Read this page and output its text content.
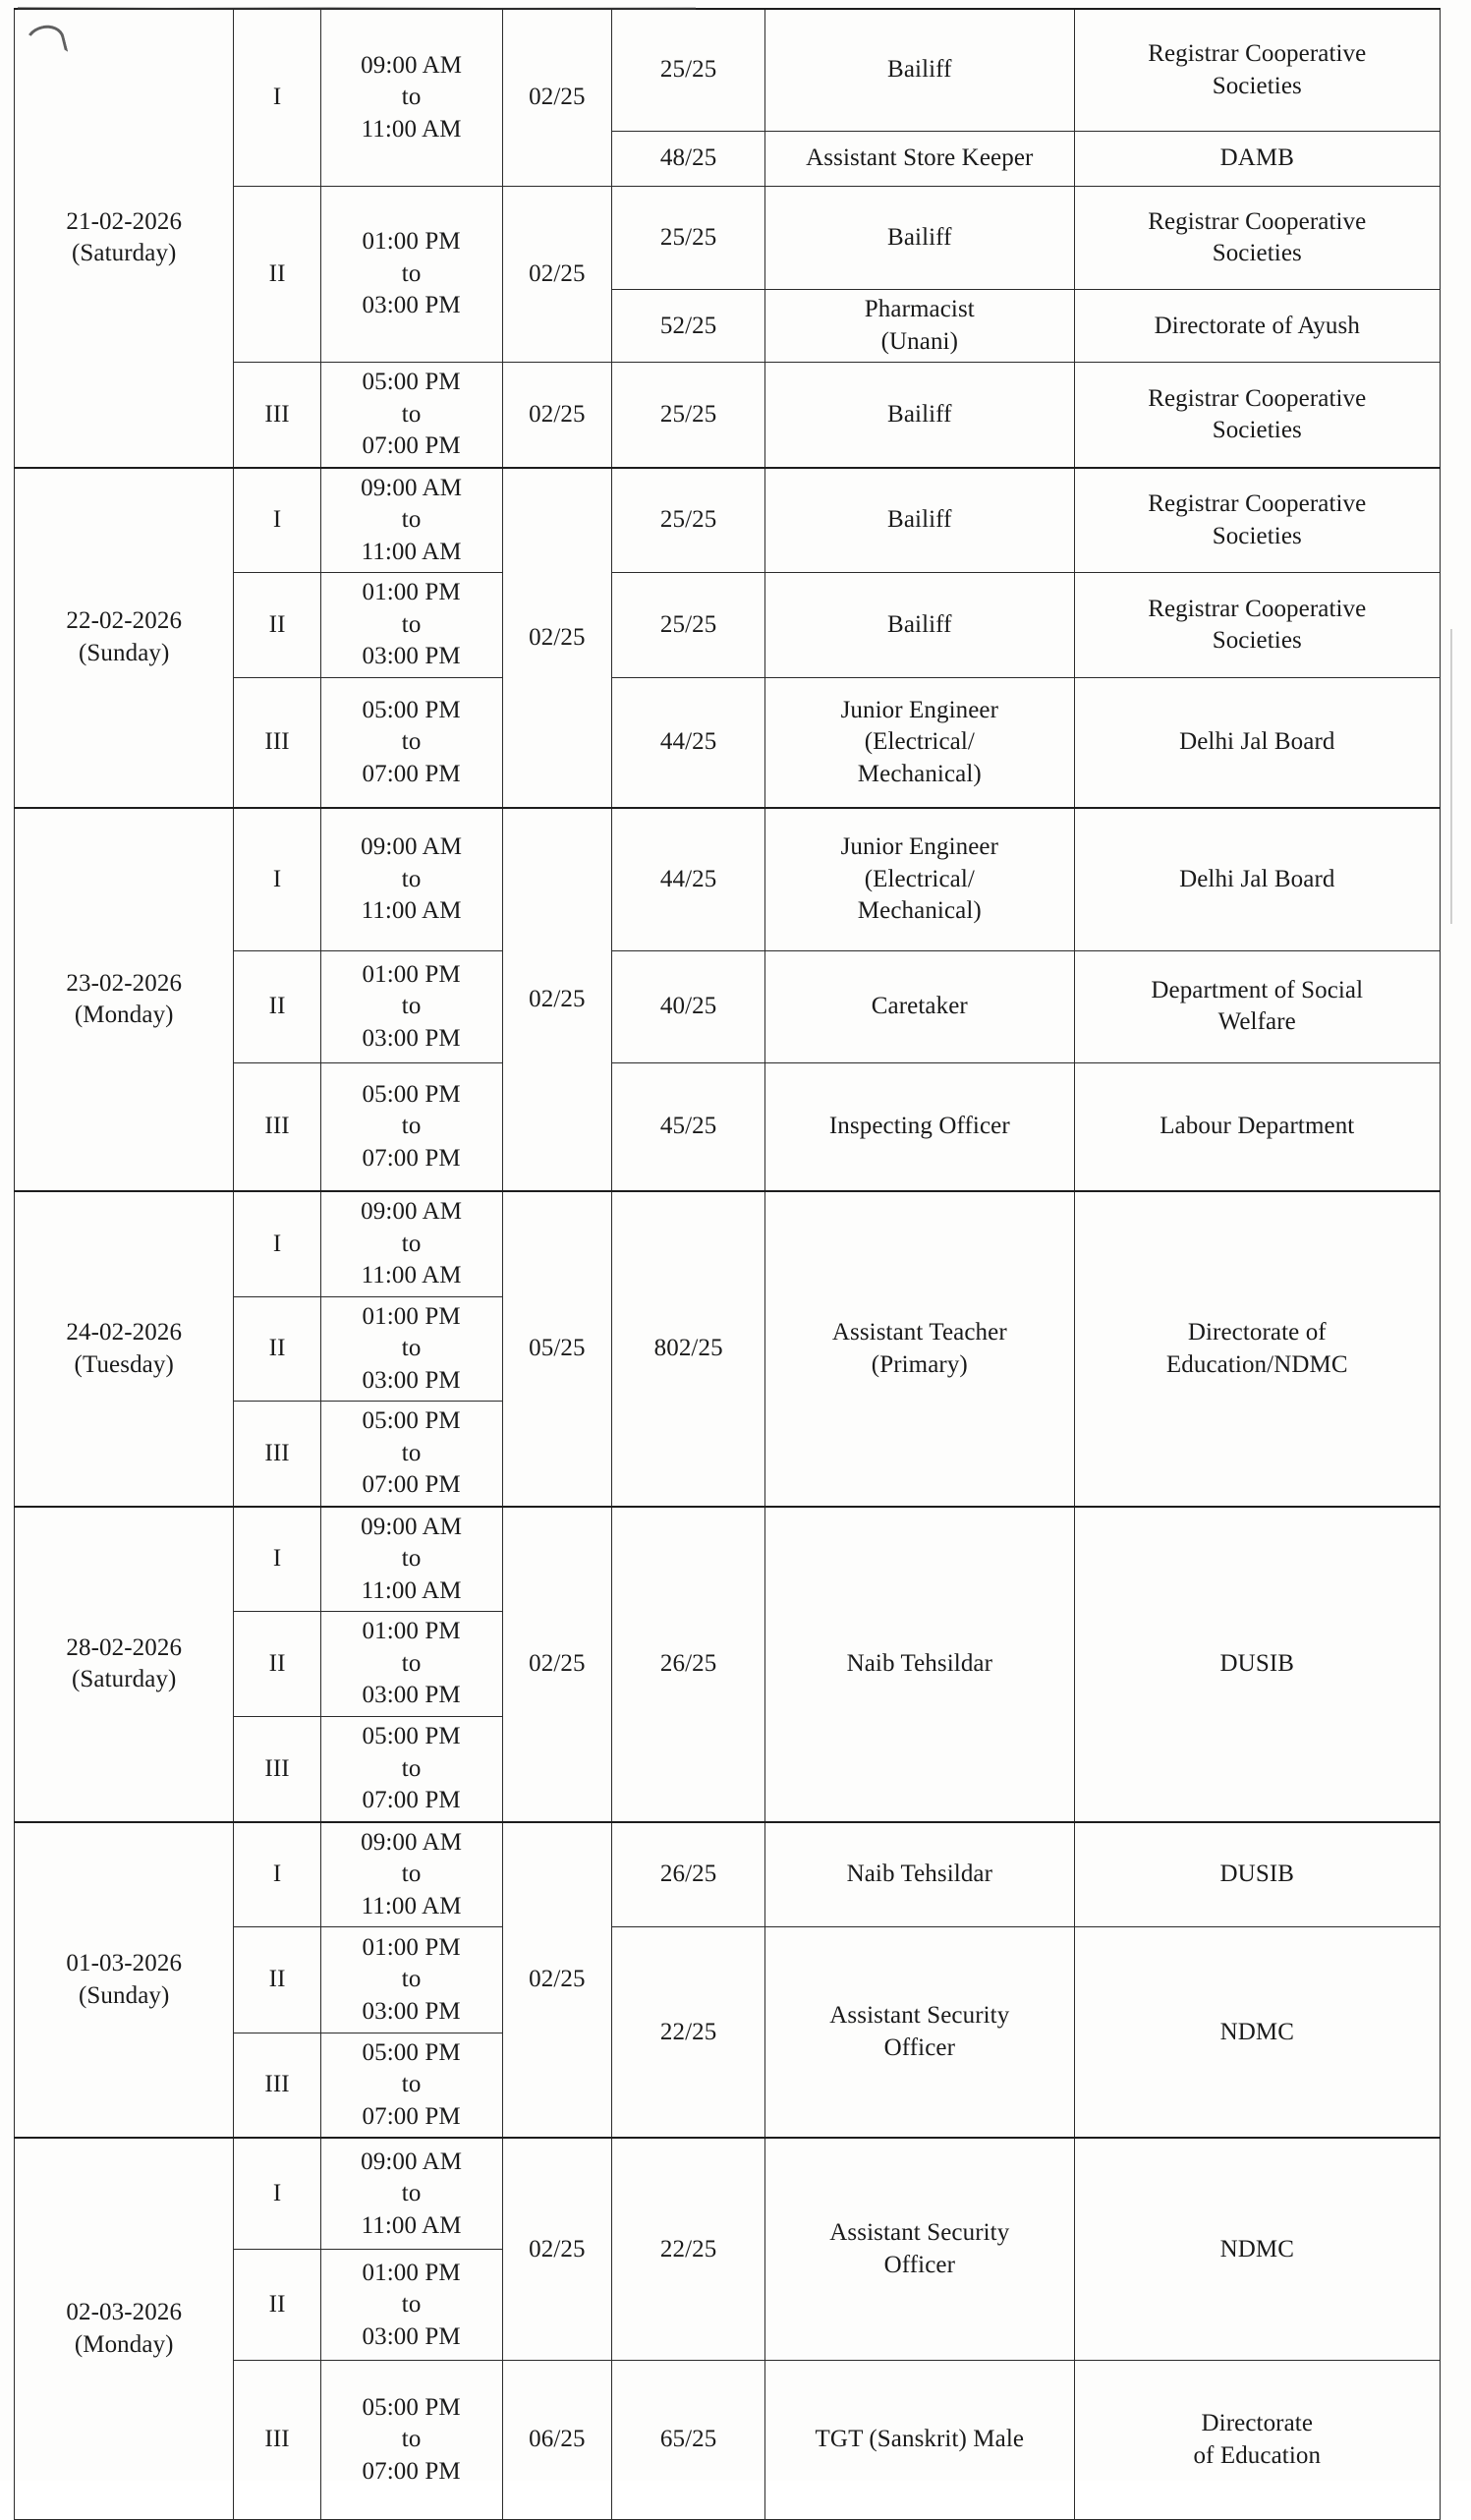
21-02-2026
(Saturday)	I	09:00 AM
to
11:00 AM	02/25	25/25	Bailiff	Registrar Cooperative
Societies

				48/25	Assistant Store Keeper	DAMB
	II	01:00 PM
to
03:00 PM	02/25	25/25	Bailiff	Registrar Cooperative
Societies

				52/25	Pharmacist
(Unani)	Directorate of Ayush
	III	05:00 PM
to
07:00 PM	02/25	25/25	Bailiff	Registrar Cooperative
Societies

22-02-2026
(Sunday)	I	09:00 AM
to
11:00 AM	02/25	25/25	Bailiff	Registrar Cooperative
Societies

	II	01:00 PM
to
03:00 PM		25/25	Bailiff	Registrar Cooperative
Societies

	III	05:00 PM
to
07:00 PM		44/25	Junior Engineer
(Electrical/
Mechanical)	Delhi Jal Board

23-02-2026
(Monday)	I	09:00 AM
to
11:00 AM	02/25	44/25	Junior Engineer
(Electrical/
Mechanical)	Delhi Jal Board
	II	01:00 PM
to
03:00 PM		40/25	Caretaker	Department of Social
Welfare

	III	05:00 PM
to
07:00 PM		45/25	Inspecting Officer	Labour Department

24-02-2026
(Tuesday)	I	09:00 AM
to
11:00 AM	05/25	802/25	Assistant Teacher
(Primary)	Directorate of
Education/NDMC

	II	01:00 PM
to
03:00 PM				

	III	05:00 PM
to
07:00 PM				

28-02-2026
(Saturday)	I	09:00 AM
to
11:00 AM	02/25	26/25	Naib Tehsildar	DUSIB
	II	01:00 PM
to
03:00 PM				

	III	05:00 PM
to
07:00 PM				

01-03-2026
(Sunday)	I	09:00 AM
to
11:00 AM	02/25	26/25	Naib Tehsildar	DUSIB
	II	01:00 PM
to
03:00 PM		22/25	Assistant Security
Officer	NDMC
	III	05:00 PM
to
07:00 PM				

02-03-2026
(Monday)	I	09:00 AM
to
11:00 AM	02/25	22/25	Assistant Security
Officer	NDMC
	II	01:00 PM
to
03:00 PM				

	III	05:00 PM
to
07:00 PM	06/25	65/25	TGT (Sanskrit) Male	Directorate
of Education
